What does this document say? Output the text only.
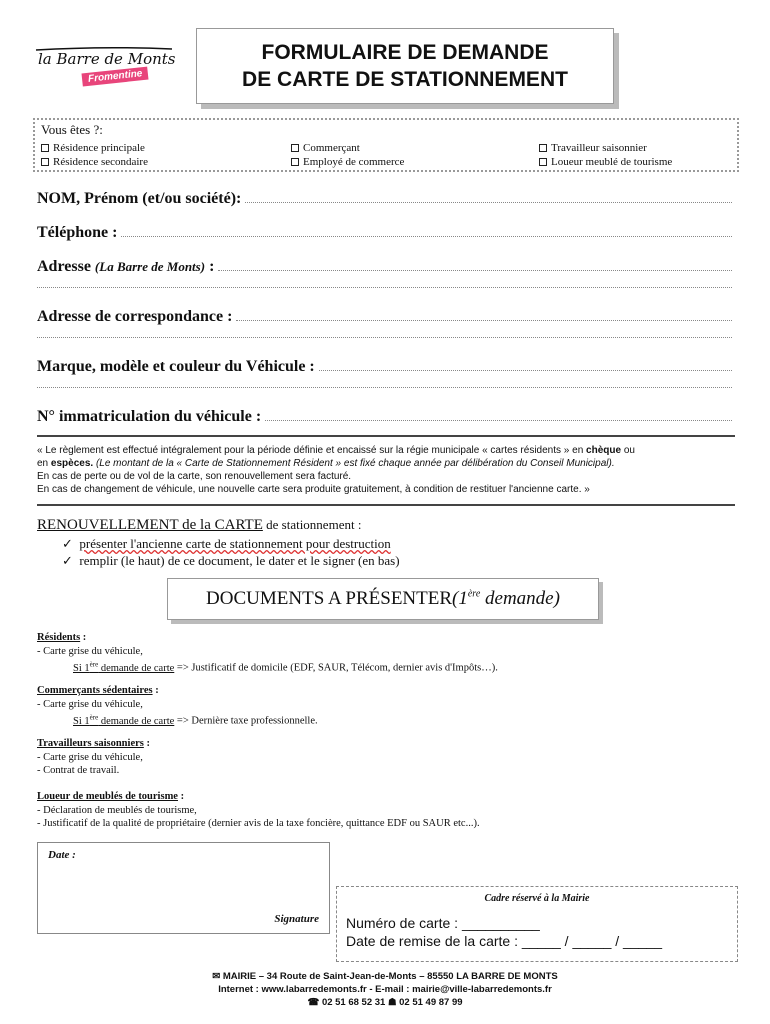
la Barre de Monts
Fromentine
FORMULAIRE DE DEMANDE
DE CARTE DE STATIONNEMENT
Vous êtes ?:
Résidence principale
Résidence secondaire
Commerçant
Employé de commerce
Travailleur saisonnier
Loueur meublé de tourisme
NOM, Prénom (et/ou société):
Téléphone :
Adresse
(La Barre de Monts)
:
Adresse de correspondance :
Marque, modèle et couleur du Véhicule :
N° immatriculation du véhicule :
« Le règlement est effectué intégralement pour la période définie et encaissé sur la régie municipale « cartes résidents » en chèque ou
en espèces. (Le montant de la « Carte de Stationnement Résident » est fixé chaque année par délibération du Conseil Municipal).
En cas de perte ou de vol de la carte, son renouvellement sera facturé.
En cas de changement de véhicule, une nouvelle carte sera produite gratuitement, à condition de restituer l'ancienne carte. »
RENOUVELLEMENT de la CARTE de stationnement :
✓  présenter l'ancienne carte de stationnement pour destruction
✓  remplir (le haut) de ce document, le dater et le signer (en bas)
DOCUMENTS A PRÉSENTER (1ère demande)
Résidents :
- Carte grise du véhicule,
Si 1ère demande de carte => Justificatif de domicile (EDF, SAUR, Télécom, dernier avis d'Impôts…).
Commerçants sédentaires :
- Carte grise du véhicule,
Si 1ère demande de carte => Dernière taxe professionnelle.
Travailleurs saisonniers :
- Carte grise du véhicule,
- Contrat de travail.
Loueur de meublés de tourisme :
- Déclaration de meublés de tourisme,
- Justificatif de la qualité de propriétaire (dernier avis de la taxe foncière, quittance EDF ou SAUR etc...).
Date :
Signature
Cadre réservé à la Mairie
Numéro de carte : __________
Date de remise de la carte : _____ / _____ / _____
✉ MAIRIE – 34 Route de Saint-Jean-de-Monts – 85550 LA BARRE DE MONTS
Internet : www.labarredemonts.fr - E-mail : mairie@ville-labarredemonts.fr
☎ 02 51 68 52 31 ☗ 02 51 49 87 99
